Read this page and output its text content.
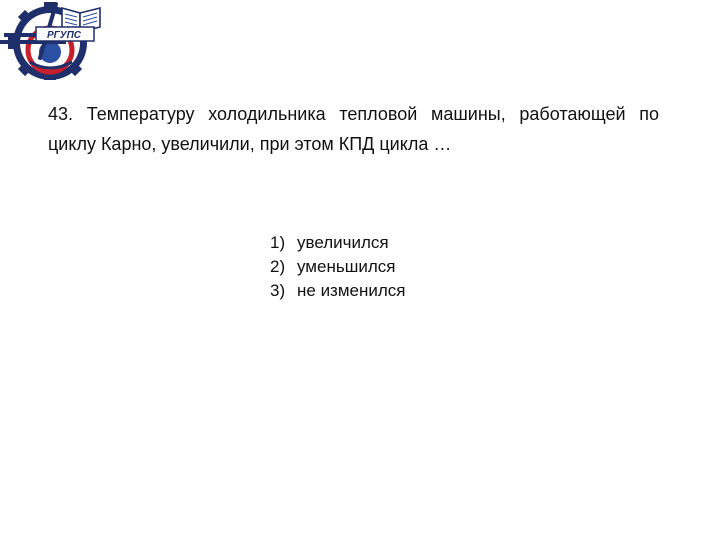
РГУПС

43. Температуру холодильника тепловой машины, работающей по циклу Карно, увеличили, при этом КПД цикла …

1) увеличился
2) уменьшился
3) не изменился
